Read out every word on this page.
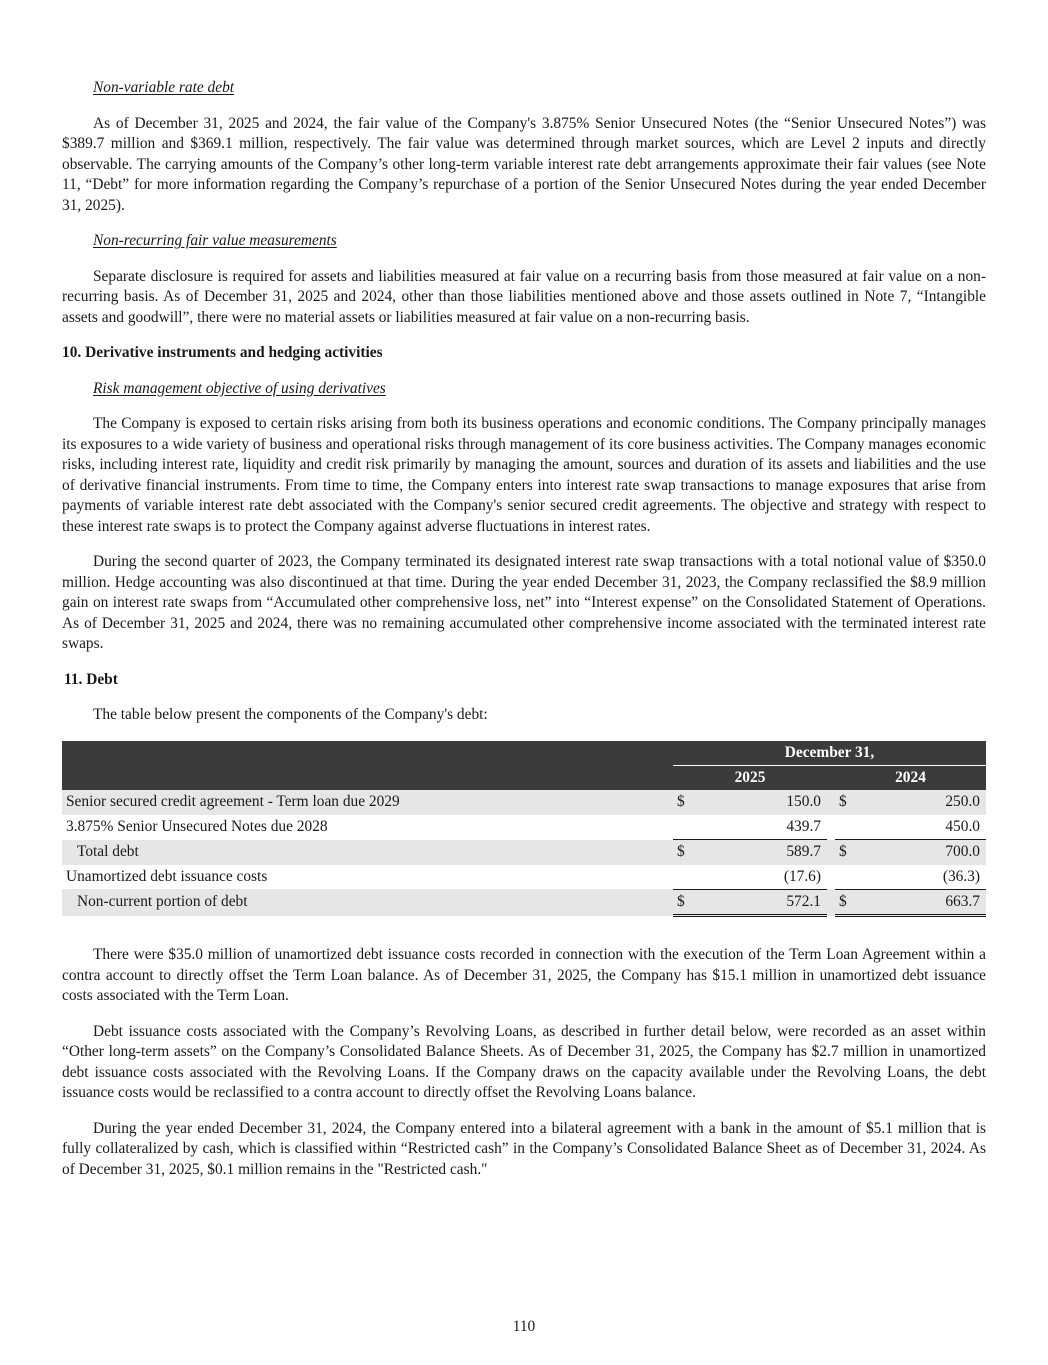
Non-variable rate debt

As of December 31, 2025 and 2024, the fair value of the Company's 3.875% Senior Unsecured Notes (the “Senior Unsecured Notes”) was $389.7 million and $369.1 million, respectively. The fair value was determined through market sources, which are Level 2 inputs and directly observable. The carrying amounts of the Company’s other long-term variable interest rate debt arrangements approximate their fair values (see Note 11, “Debt” for more information regarding the Company’s repurchase of a portion of the Senior Unsecured Notes during the year ended December 31, 2025).

Non-recurring fair value measurements

Separate disclosure is required for assets and liabilities measured at fair value on a recurring basis from those measured at fair value on a non-recurring basis. As of December 31, 2025 and 2024, other than those liabilities mentioned above and those assets outlined in Note 7, “Intangible assets and goodwill”, there were no material assets or liabilities measured at fair value on a non-recurring basis.

10. Derivative instruments and hedging activities
Risk management objective of using derivatives

The Company is exposed to certain risks arising from both its business operations and economic conditions. The Company principally manages its exposures to a wide variety of business and operational risks through management of its core business activities. The Company manages economic risks, including interest rate, liquidity and credit risk primarily by managing the amount, sources and duration of its assets and liabilities and the use of derivative financial instruments. From time to time, the Company enters into interest rate swap transactions to manage exposures that arise from payments of variable interest rate debt associated with the Company's senior secured credit agreements. The objective and strategy with respect to these interest rate swaps is to protect the Company against adverse fluctuations in interest rates.

During the second quarter of 2023, the Company terminated its designated interest rate swap transactions with a total notional value of $350.0 million. Hedge accounting was also discontinued at that time. During the year ended December 31, 2023, the Company reclassified the $8.9 million gain on interest rate swaps from “Accumulated other comprehensive loss, net” into “Interest expense” on the Consolidated Statement of Operations. As of December 31, 2025 and 2024, there was no remaining accumulated other comprehensive income associated with the terminated interest rate swaps.

11. Debt

The table below present the components of the Company's debt:

	December 31,				
	2025			2024	
Senior secured credit agreement - Term loan due 2029	$	150.0		$	250.0
3.875% Senior Unsecured Notes due 2028		439.7			450.0
Total debt	$	589.7		$	700.0
Unamortized debt issuance costs		(17.6)			(36.3)
Non-current portion of debt	$	572.1		$	663.7

There were $35.0 million of unamortized debt issuance costs recorded in connection with the execution of the Term Loan Agreement within a contra account to directly offset the Term Loan balance. As of December 31, 2025, the Company has $15.1 million in unamortized debt issuance costs associated with the Term Loan.

Debt issuance costs associated with the Company’s Revolving Loans, as described in further detail below, were recorded as an asset within “Other long-term assets” on the Company’s Consolidated Balance Sheets. As of December 31, 2025, the Company has $2.7 million in unamortized debt issuance costs associated with the Revolving Loans. If the Company draws on the capacity available under the Revolving Loans, the debt issuance costs would be reclassified to a contra account to directly offset the Revolving Loans balance.

During the year ended December 31, 2024, the Company entered into a bilateral agreement with a bank in the amount of $5.1 million that is fully collateralized by cash, which is classified within “Restricted cash” in the Company’s Consolidated Balance Sheet as of December 31, 2024. As of December 31, 2025, $0.1 million remains in the "Restricted cash."

110
